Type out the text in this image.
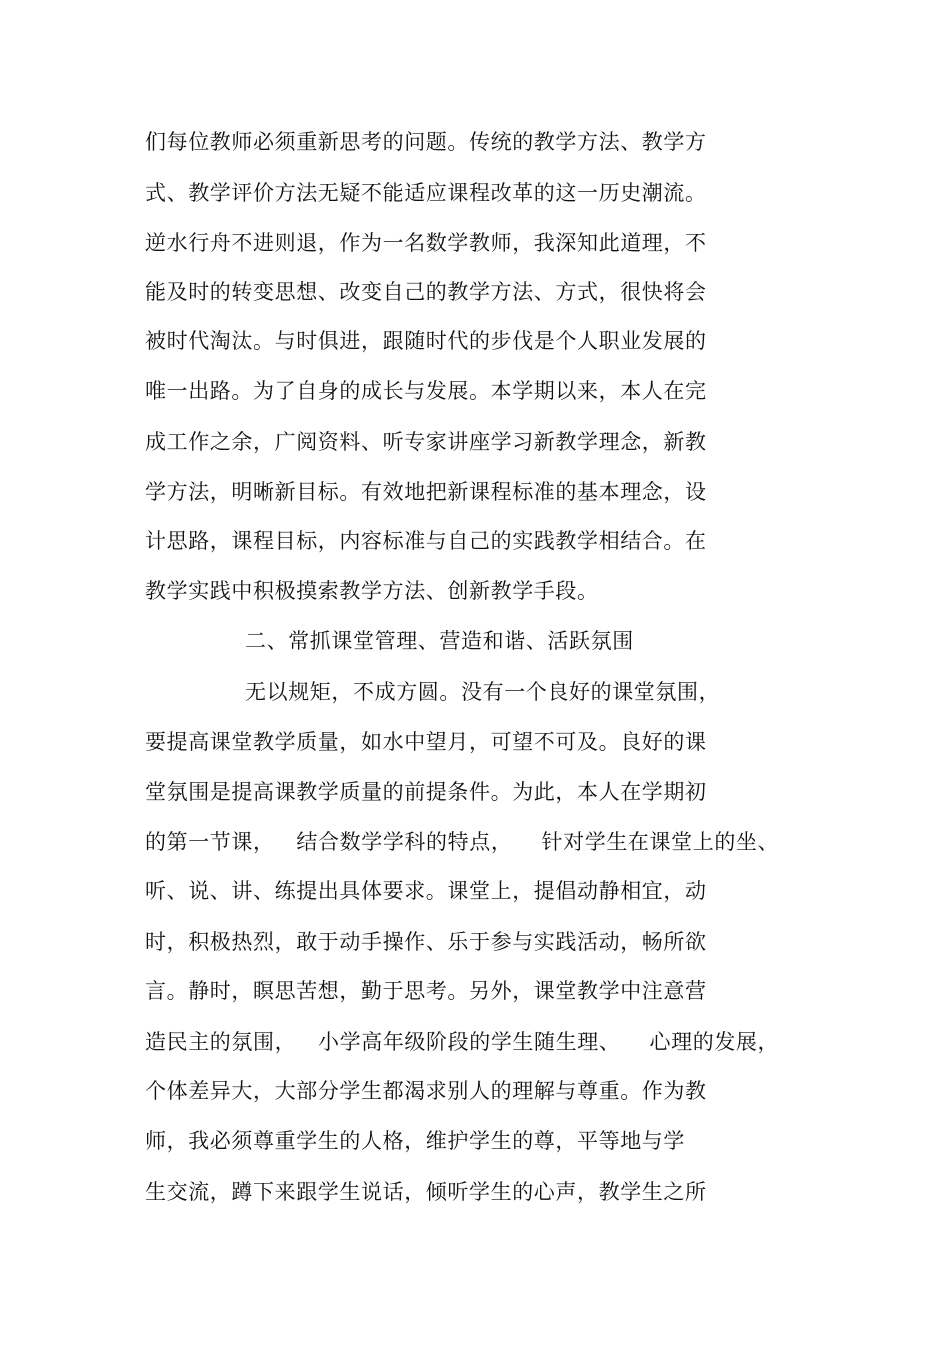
们每位教师必须重新思考的问题。传统的教学方法、教学方
式、教学评价方法无疑不能适应课程改革的这一历史潮流。
逆水行舟不进则退，作为一名数学教师，我深知此道理，不
能及时的转变思想、改变自己的教学方法、方式，很快将会
被时代淘汰。与时俱进，跟随时代的步伐是个人职业发展的
唯一出路。为了自身的成长与发展。本学期以来，本人在完
成工作之余，广阅资料、听专家讲座学习新教学理念，新教
学方法，明晰新目标。有效地把新课程标准的基本理念，设
计思路，课程目标，内容标准与自己的实践教学相结合。在
教学实践中积极摸索教学方法、创新教学手段。
二、常抓课堂管理、营造和谐、活跃氛围
无以规矩，不成方圆。没有一个良好的课堂氛围，
要提高课堂教学质量，如水中望月，可望不可及。良好的课
堂氛围是提高课教学质量的前提条件。为此，本人在学期初
的第一节课，   结合数学学科的特点，    针对学生在课堂上的坐、
听、说、讲、练提出具体要求。课堂上，提倡动静相宜，动
时，积极热烈，敢于动手操作、乐于参与实践活动，畅所欲
言。静时，瞑思苦想，勤于思考。另外，课堂教学中注意营
造民主的氛围，   小学高年级阶段的学生随生理、    心理的发展，
个体差异大，大部分学生都渴求别人的理解与尊重。作为教
师，我必须尊重学生的人格，维护学生的尊，平等地与学
生交流，蹲下来跟学生说话，倾听学生的心声，教学生之所
